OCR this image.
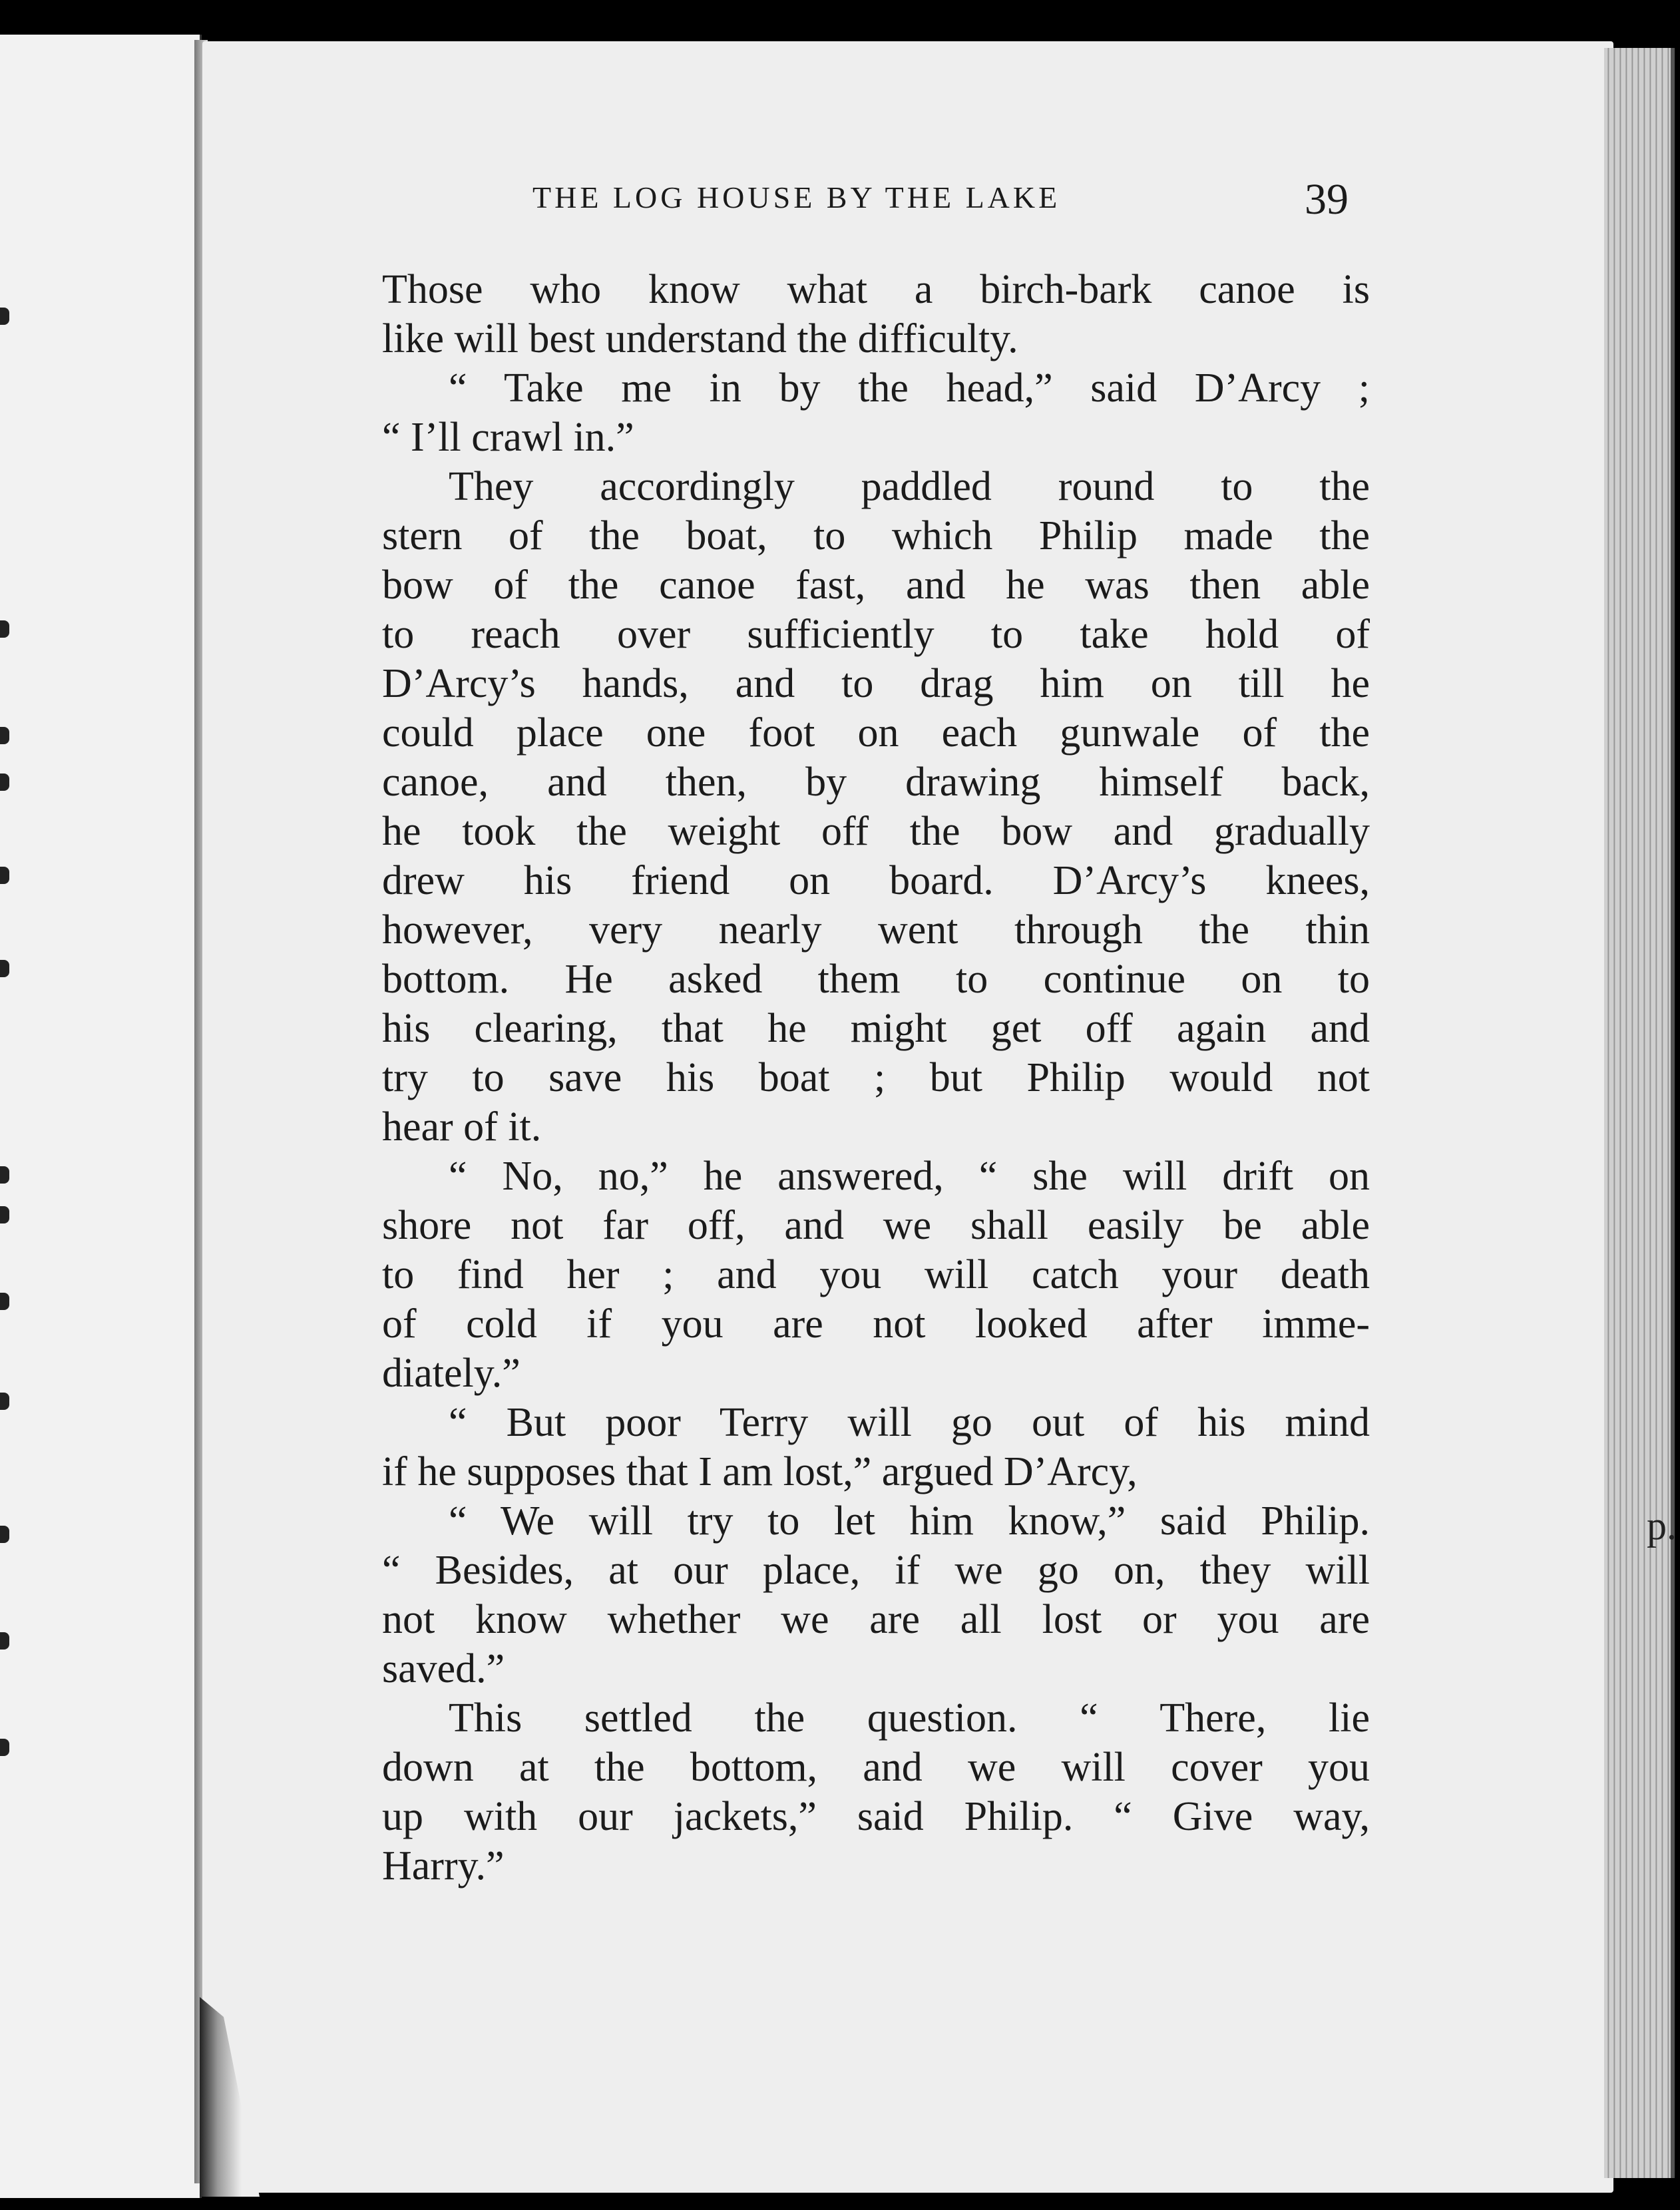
THE LOG HOUSE BY THE LAKE	39
Those who know what a birch-bark canoe is
like will best understand the difficulty.
“ Take me in by the head,” said D’Arcy ;
“ I’ll crawl in.”
They accordingly paddled round to the
stern of the boat, to which Philip made the
bow of the canoe fast, and he was then able
to reach over sufficiently to take hold of
D’Arcy’s hands, and to drag him on till he
could place one foot on each gunwale of the
canoe, and then, by drawing himself back,
he took the weight off the bow and gradually
drew his friend on board. D’Arcy’s knees,
however, very nearly went through the thin
bottom. He asked them to continue on to
his clearing, that he might get off again and
try to save his boat ; but Philip would not
hear of it.
“ No, no,” he answered, “ she will drift on
shore not far off, and we shall easily be able
to find her ; and you will catch your death
of cold if you are not looked after imme-
diately.”
“ But poor Terry will go out of his mind
if he supposes that I am lost,” argued D’Arcy,
“ We will try to let him know,” said Philip.
“ Besides, at our place, if we go on, they will
not know whether we are all lost or you are
saved.”
This settled the question. “ There, lie
down at the bottom, and we will cover you
up with our jackets,” said Philip. “ Give way,
Harry.”
p.
